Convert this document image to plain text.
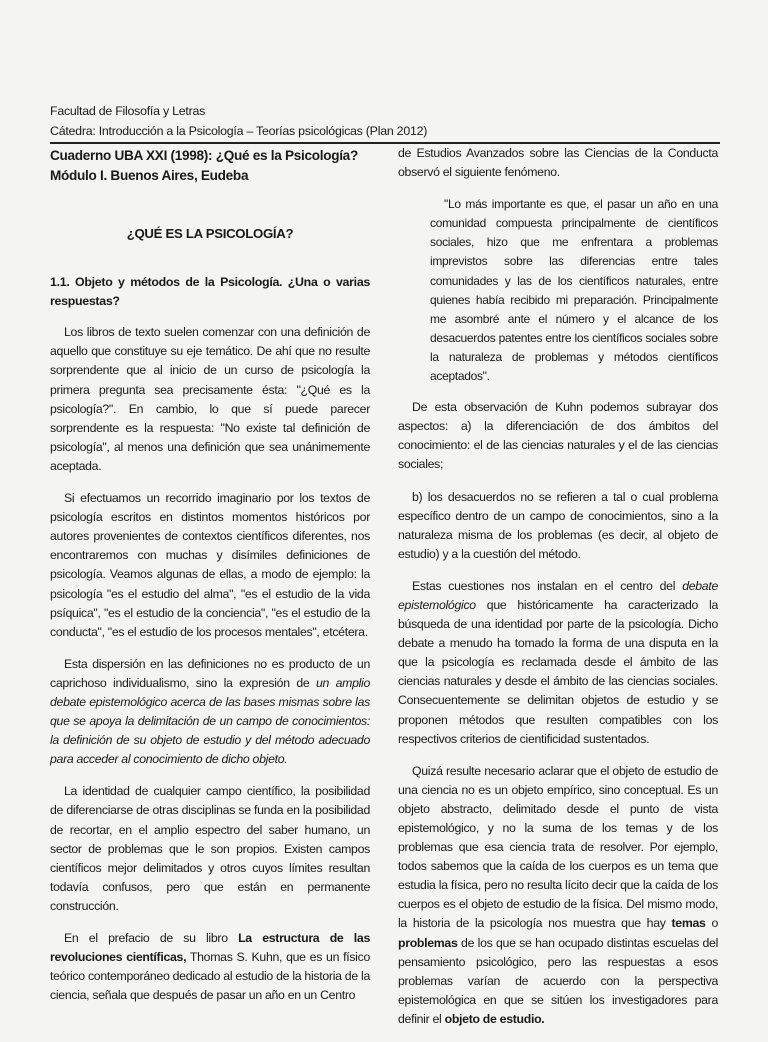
Facultad de Filosofía y Letras
Cátedra: Introducción a la Psicología – Teorías psicológicas (Plan 2012)

Cuaderno UBA XXI (1998): ¿Qué es la Psicología? Módulo I. Buenos Aires, Eudeba

¿QUÉ ES LA PSICOLOGÍA?

1.1. Objeto y métodos de la Psicología. ¿Una o varias respuestas?

Los libros de texto suelen comenzar con una definición de aquello que constituye su eje temático. De ahí que no resulte sorprendente que al inicio de un curso de psicología la primera pregunta sea precisamente ésta: "¿Qué es la psicología?". En cambio, lo que sí puede parecer sorprendente es la respuesta: "No existe tal definición de psicología", al menos una definición que sea unánimemente aceptada.

Si efectuamos un recorrido imaginario por los textos de psicología escritos en distintos momentos históricos por autores provenientes de contextos científicos diferentes, nos encontraremos con muchas y disímiles definiciones de psicología. Veamos algunas de ellas, a modo de ejemplo: la psicología "es el estudio del alma", "es el estudio de la vida psíquica", "es el estudio de la conciencia", "es el estudio de la conducta", "es el estudio de los procesos mentales", etcétera.

Esta dispersión en las definiciones no es producto de un caprichoso individualismo, sino la expresión de un amplio debate epistemológico acerca de las bases mismas sobre las que se apoya la delimitación de un campo de conocimientos: la definición de su objeto de estudio y del método adecuado para acceder al conocimiento de dicho objeto.

La identidad de cualquier campo científico, la posibilidad de diferenciarse de otras disciplinas se funda en la posibilidad de recortar, en el amplio espectro del saber humano, un sector de problemas que le son propios. Existen campos científicos mejor delimitados y otros cuyos límites resultan todavía confusos, pero que están en permanente construcción.

En el prefacio de su libro La estructura de las revoluciones científicas, Thomas S. Kuhn, que es un físico teórico contemporáneo dedicado al estudio de la historia de la ciencia, señala que después de pasar un año en un Centro

de Estudios Avanzados sobre las Ciencias de la Conducta observó el siguiente fenómeno.

"Lo más importante es que, el pasar un año en una comunidad compuesta principalmente de científicos sociales, hizo que me enfrentara a problemas imprevistos sobre las diferencias entre tales comunidades y las de los científicos naturales, entre quienes había recibido mi preparación. Principalmente me asombré ante el número y el alcance de los desacuerdos patentes entre los científicos sociales sobre la naturaleza de problemas y métodos científicos aceptados".

De esta observación de Kuhn podemos subrayar dos aspectos: a) la diferenciación de dos ámbitos del conocimiento: el de las ciencias naturales y el de las ciencias sociales;

b) los desacuerdos no se refieren a tal o cual problema específico dentro de un campo de conocimientos, sino a la naturaleza misma de los problemas (es decir, al objeto de estudio) y a la cuestión del método.

Estas cuestiones nos instalan en el centro del debate epistemológico que históricamente ha caracterizado la búsqueda de una identidad por parte de la psicología. Dicho debate a menudo ha tomado la forma de una disputa en la que la psicología es reclamada desde el ámbito de las ciencias naturales y desde el ámbito de las ciencias sociales. Consecuentemente se delimitan objetos de estudio y se proponen métodos que resulten compatibles con los respectivos criterios de cientificidad sustentados.

Quizá resulte necesario aclarar que el objeto de estudio de una ciencia no es un objeto empírico, sino conceptual. Es un objeto abstracto, delimitado desde el punto de vista epistemológico, y no la suma de los temas y de los problemas que esa ciencia trata de resolver. Por ejemplo, todos sabemos que la caída de los cuerpos es un tema que estudia la física, pero no resulta lícito decir que la caída de los cuerpos es el objeto de estudio de la física. Del mismo modo, la historia de la psicología nos muestra que hay temas o problemas de los que se han ocupado distintas escuelas del pensamiento psicológico, pero las respuestas a esos problemas varían de acuerdo con la perspectiva epistemológica en que se sitúen los investigadores para definir el objeto de estudio.
